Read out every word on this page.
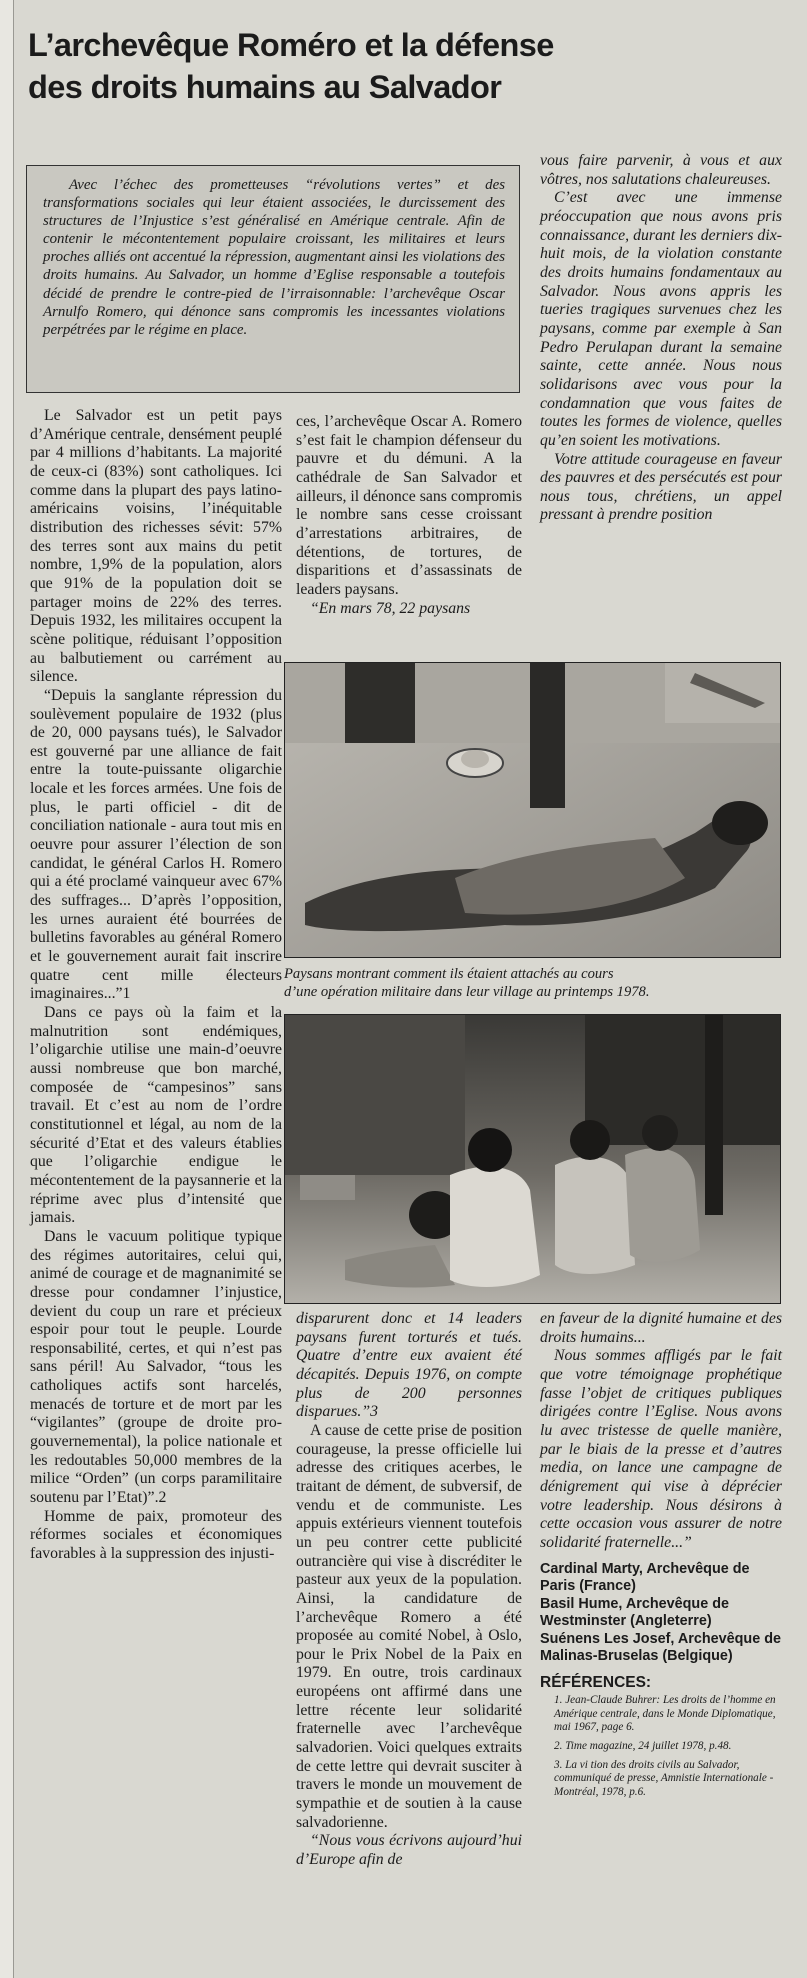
L’archevêque Roméro et la défense
des droits humains au Salvador

Avec l’échec des prometteuses “révolutions vertes” et des transformations sociales qui leur étaient associées, le durcissement des structures de l’Injustice s’est généralisé en Amérique centrale. Afin de contenir le mécontentement populaire croissant, les militaires et leurs proches alliés ont accentué la répression, augmentant ainsi les violations des droits humains. Au Salvador, un homme d’Eglise responsable a toutefois décidé de prendre le contre-pied de l’irraisonnable: l’archevêque Oscar Arnulfo Romero, qui dénonce sans compromis les incessantes violations perpétrées par le régime en place.

Le Salvador est un petit pays d’Amérique centrale, densément peuplé par 4 millions d’habitants. La majorité de ceux-ci (83%) sont catholiques. Ici comme dans la plupart des pays latino-américains voisins, l’inéquitable distribution des richesses sévit: 57% des terres sont aux mains du petit nombre, 1,9% de la population, alors que 91% de la population doit se partager moins de 22% des terres. Depuis 1932, les militaires occupent la scène politique, réduisant l’opposition au balbutiement ou carrément au silence.

“Depuis la sanglante répression du soulèvement populaire de 1932 (plus de 20, 000 paysans tués), le Salvador est gouverné par une alliance de fait entre la toute-puissante oligarchie locale et les forces armées. Une fois de plus, le parti officiel - dit de conciliation nationale - aura tout mis en oeuvre pour assurer l’élection de son candidat, le général Carlos H. Romero qui a été proclamé vainqueur avec 67% des suffrages... D’après l’opposition, les urnes auraient été bourrées de bulletins favorables au général Romero et le gouvernement aurait fait inscrire quatre cent mille électeurs imaginaires...”1

Dans ce pays où la faim et la malnutrition sont endémiques, l’oligarchie utilise une main-d’oeuvre aussi nombreuse que bon marché, composée de “campesinos” sans travail. Et c’est au nom de l’ordre constitutionnel et légal, au nom de la sécurité d’Etat et des valeurs établies que l’oligarchie endigue le mécontentement de la paysannerie et la réprime avec plus d’intensité que jamais.

Dans le vacuum politique typique des régimes autoritaires, celui qui, animé de courage et de magnanimité se dresse pour condamner l’injustice, devient du coup un rare et précieux espoir pour tout le peuple. Lourde responsabilité, certes, et qui n’est pas sans péril! Au Salvador, “tous les catholiques actifs sont harcelés, menacés de torture et de mort par les “vigilantes” (groupe de droite pro-gouvernemental), la police nationale et les redoutables 50,000 membres de la milice “Orden” (un corps paramilitaire soutenu par l’Etat)”.2

Homme de paix, promoteur des réformes sociales et économiques favorables à la suppression des injusti-

ces, l’archevêque Oscar A. Romero s’est fait le champion défenseur du pauvre et du démuni. A la cathédrale de San Salvador et ailleurs, il dénonce sans compromis le nombre sans cesse croissant d’arrestations arbitraires, de détentions, de tortures, de disparitions et d’assassinats de leaders paysans.

“En mars 78, 22 paysans

vous faire parvenir, à vous et aux vôtres, nos salutations chaleureuses.

C’est avec une immense préoccupation que nous avons pris connaissance, durant les derniers dix-huit mois, de la violation constante des droits humains fondamentaux au Salvador. Nous avons appris les tueries tragiques survenues chez les paysans, comme par exemple à San Pedro Perulapan durant la semaine sainte, cette année. Nous nous solidarisons avec vous pour la condamnation que vous faites de toutes les formes de violence, quelles qu’en soient les motivations.

Votre attitude courageuse en faveur des pauvres et des persécutés est pour nous tous, chrétiens, un appel pressant à prendre position

Paysans montrant comment ils étaient attachés au cours
d’une opération militaire dans leur village au printemps 1978.

disparurent donc et 14 leaders paysans furent torturés et tués. Quatre d’entre eux avaient été décapités. Depuis 1976, on compte plus de 200 personnes disparues.”3

A cause de cette prise de position courageuse, la presse officielle lui adresse des critiques acerbes, le traitant de dément, de subversif, de vendu et de communiste. Les appuis extérieurs viennent toutefois un peu contrer cette publicité outrancière qui vise à discréditer le pasteur aux yeux de la population. Ainsi, la candidature de l’archevêque Romero a été proposée au comité Nobel, à Oslo, pour le Prix Nobel de la Paix en 1979. En outre, trois cardinaux européens ont affirmé dans une lettre récente leur solidarité fraternelle avec l’archevêque salvadorien. Voici quelques extraits de cette lettre qui devrait susciter à travers le monde un mouvement de sympathie et de soutien à la cause salvadorienne.

“Nous vous écrivons aujourd’hui d’Europe afin de

en faveur de la dignité humaine et des droits humains...

Nous sommes affligés par le fait que votre témoignage prophétique fasse l’objet de critiques publiques dirigées contre l’Eglise. Nous avons lu avec tristesse de quelle manière, par le biais de la presse et d’autres media, on lance une campagne de dénigrement qui vise à déprécier votre leadership. Nous désirons à cette occasion vous assurer de notre solidarité fraternelle...”

Cardinal Marty, Archevêque de Paris (France)

Basil Hume, Archevêque de Westminster (Angleterre)

Suénens Les Josef, Archevêque de Malinas-Bruselas (Belgique)

RÉFÉRENCES:
1. Jean-Claude Buhrer: Les droits de l’homme en Amérique centrale, dans le Monde Diplomatique, mai 1967, page 6.
2. Time magazine, 24 juillet 1978, p.48.
3. La vi tion des droits civils au Salvador, communiqué de presse, Amnistie Internationale - Montréal, 1978, p.6.
